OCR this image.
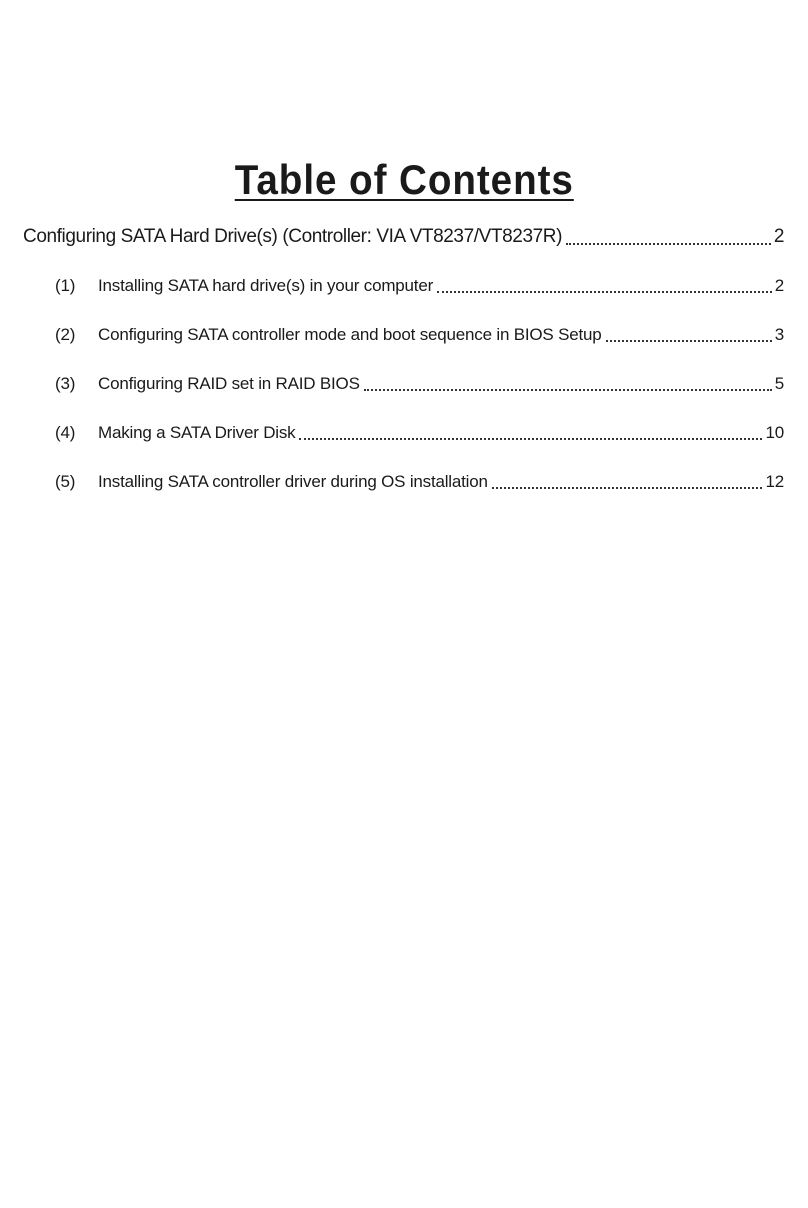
Table of Contents
Configuring SATA Hard Drive(s) (Controller: VIA VT8237/VT8237R)	2
(1)	Installing SATA hard drive(s) in your computer	2
(2)	Configuring SATA controller mode and boot sequence in BIOS Setup	3
(3)	Configuring RAID set in RAID BIOS	5
(4)	Making a SATA Driver Disk	10
(5)	Installing SATA controller driver during OS installation	12
